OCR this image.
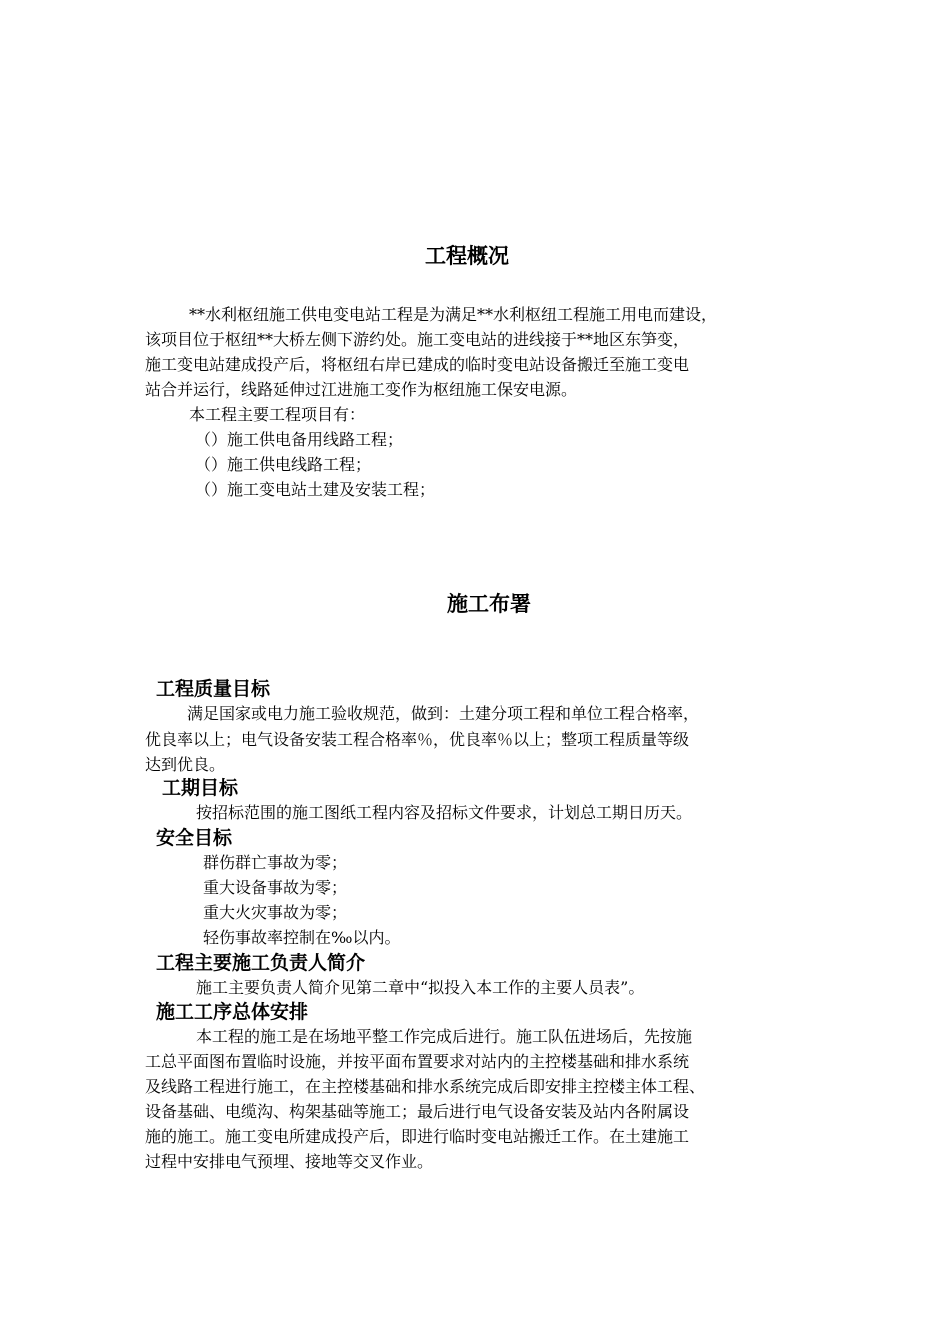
工程概况

**水利枢纽施工供电变电站工程是为满足**水利枢纽工程施工用电而建设，

该项目位于枢纽**大桥左侧下游约处。施工变电站的进线接于**地区东笋变，

施工变电站建成投产后，将枢纽右岸已建成的临时变电站设备搬迁至施工变电

站合并运行，线路延伸过江进施工变作为枢纽施工保安电源。

本工程主要工程项目有：

（）施工供电备用线路工程；

（）施工供电线路工程；

（）施工变电站土建及安装工程；

施工布署
工程质量目标

满足国家或电力施工验收规范，做到：土建分项工程和单位工程合格率，

优良率以上；电气设备安装工程合格率％，优良率％以上；整项工程质量等级

达到优良。

工期目标

按招标范围的施工图纸工程内容及招标文件要求，计划总工期日历天。

安全目标

群伤群亡事故为零；

重大设备事故为零；

重大火灾事故为零；

轻伤事故率控制在‰以内。

工程主要施工负责人简介

施工主要负责人简介见第二章中“拟投入本工作的主要人员表”。

施工工序总体安排

本工程的施工是在场地平整工作完成后进行。施工队伍进场后，先按施

工总平面图布置临时设施，并按平面布置要求对站内的主控楼基础和排水系统

及线路工程进行施工，在主控楼基础和排水系统完成后即安排主控楼主体工程、

设备基础、电缆沟、构架基础等施工；最后进行电气设备安装及站内各附属设

施的施工。施工变电所建成投产后，即进行临时变电站搬迁工作。在土建施工

过程中安排电气预埋、接地等交叉作业。
